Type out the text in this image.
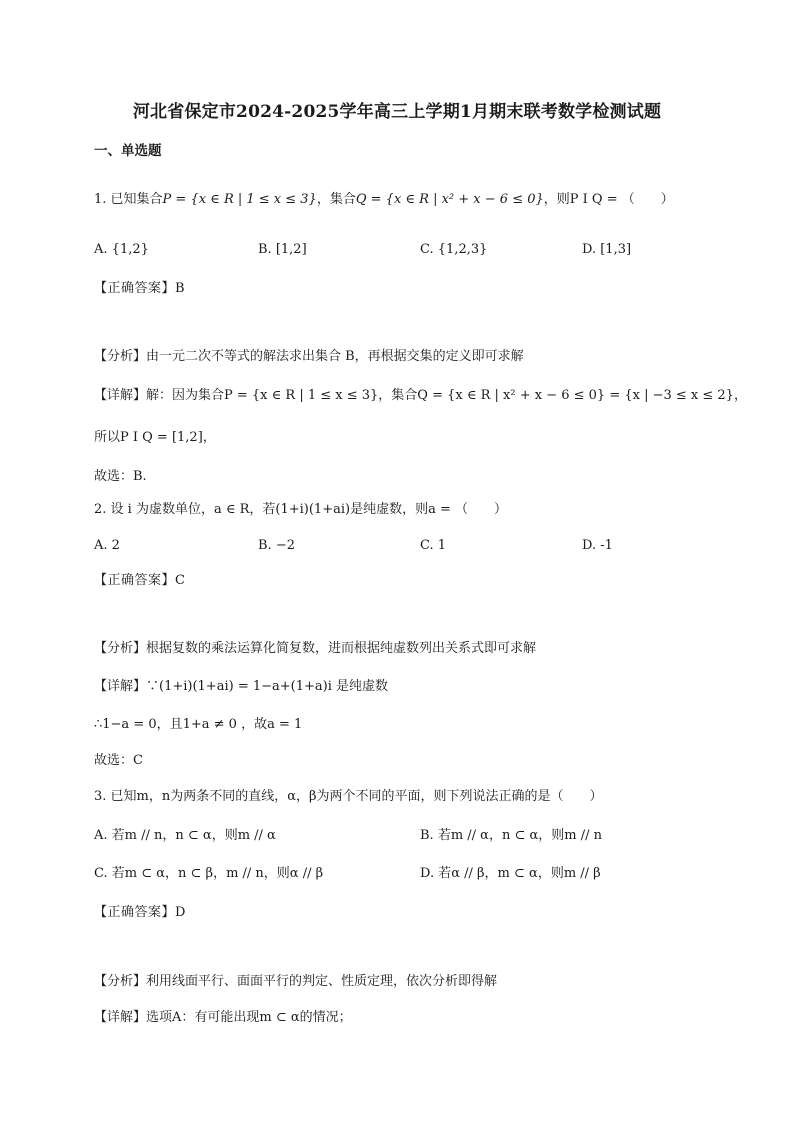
河北省保定市2024-2025学年高三上学期1月期末联考数学检测试题
一、单选题
1. 已知集合P = {x ∈ R | 1 ≤ x ≤ 3}，集合Q = {x ∈ R | x² + x − 6 ≤ 0}，则P I Q = （　　）
A. {1,2}	B. [1,2]	C. {1,2,3}	D. [1,3]
【正确答案】B
【分析】由一元二次不等式的解法求出集合 B，再根据交集的定义即可求解
【详解】解：因为集合P = {x ∈ R | 1 ≤ x ≤ 3}，集合Q = {x ∈ R | x² + x − 6 ≤ 0} = {x | −3 ≤ x ≤ 2}，
所以P I Q = [1,2]，
故选：B.
2. 设 i 为虚数单位，a ∈ R，若(1+i)(1+ai)是纯虚数，则a = （　　）
A. 2	B. −2	C. 1	D. -1
【正确答案】C
【分析】根据复数的乘法运算化简复数，进而根据纯虚数列出关系式即可求解
【详解】∵(1+i)(1+ai) = 1−a+(1+a)i 是纯虚数
∴1−a = 0，且1+a ≠ 0 ，故a = 1
故选：C
3. 已知m，n为两条不同的直线，α，β为两个不同的平面，则下列说法正确的是（　　）
A. 若m // n，n ⊂ α，则m // α	B. 若m // α，n ⊂ α，则m // n
C. 若m ⊂ α，n ⊂ β，m // n，则α // β	D. 若α // β，m ⊂ α，则m // β
【正确答案】D
【分析】利用线面平行、面面平行的判定、性质定理，依次分析即得解
【详解】选项A：有可能出现m ⊂ α的情况；
